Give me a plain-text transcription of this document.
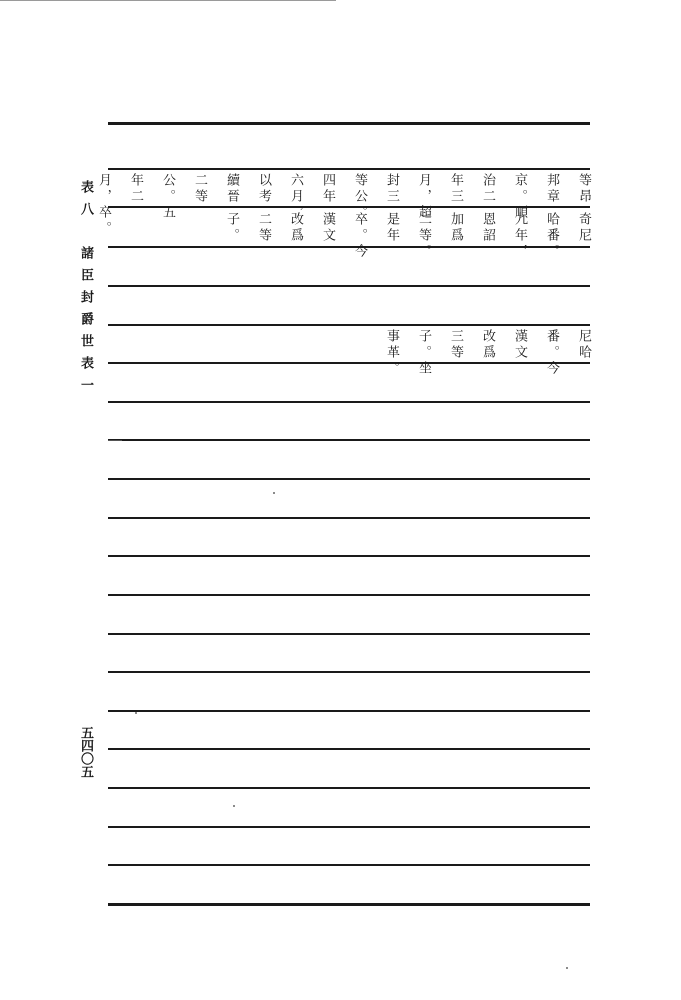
表八　諸臣封爵世表一
五四〇五
等昂
邦章
京。順
治二
年三
月，超
封三
等公。
四年
六月，
以考
續晉
二等
公。五
年二
月，卒。	奇尼
哈番。
九年，
恩詔
加爲
二等。
是年
卒。今
漢文
改爲
二等
子。
尼哈
番。今
漢文
改爲
三等
子。坐
事革。
